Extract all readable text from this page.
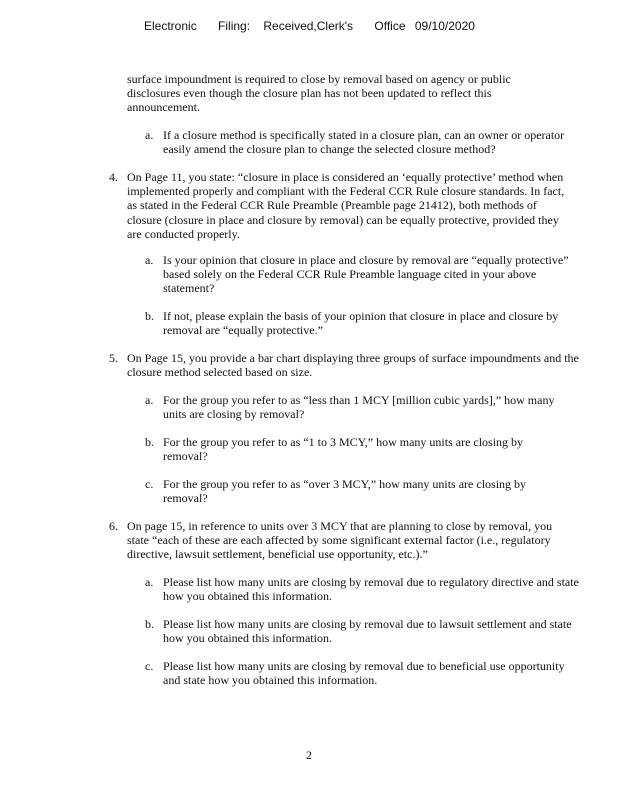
Electronic Filing: Received,Clerk's Office 09/10/2020
surface impoundment is required to close by removal based on agency or public disclosures even though the closure plan has not been updated to reflect this announcement.
a. If a closure method is specifically stated in a closure plan, can an owner or operator easily amend the closure plan to change the selected closure method?
4. On Page 11, you state: “closure in place is considered an ‘equally protective’ method when implemented properly and compliant with the Federal CCR Rule closure standards. In fact, as stated in the Federal CCR Rule Preamble (Preamble page 21412), both methods of closure (closure in place and closure by removal) can be equally protective, provided they are conducted properly.
a. Is your opinion that closure in place and closure by removal are “equally protective” based solely on the Federal CCR Rule Preamble language cited in your above statement?
b. If not, please explain the basis of your opinion that closure in place and closure by removal are “equally protective.”
5. On Page 15, you provide a bar chart displaying three groups of surface impoundments and the closure method selected based on size.
a. For the group you refer to as “less than 1 MCY [million cubic yards],” how many units are closing by removal?
b. For the group you refer to as “1 to 3 MCY,” how many units are closing by removal?
c. For the group you refer to as “over 3 MCY,” how many units are closing by removal?
6. On page 15, in reference to units over 3 MCY that are planning to close by removal, you state “each of these are each affected by some significant external factor (i.e., regulatory directive, lawsuit settlement, beneficial use opportunity, etc.).”
a. Please list how many units are closing by removal due to regulatory directive and state how you obtained this information.
b. Please list how many units are closing by removal due to lawsuit settlement and state how you obtained this information.
c. Please list how many units are closing by removal due to beneficial use opportunity and state how you obtained this information.
2
